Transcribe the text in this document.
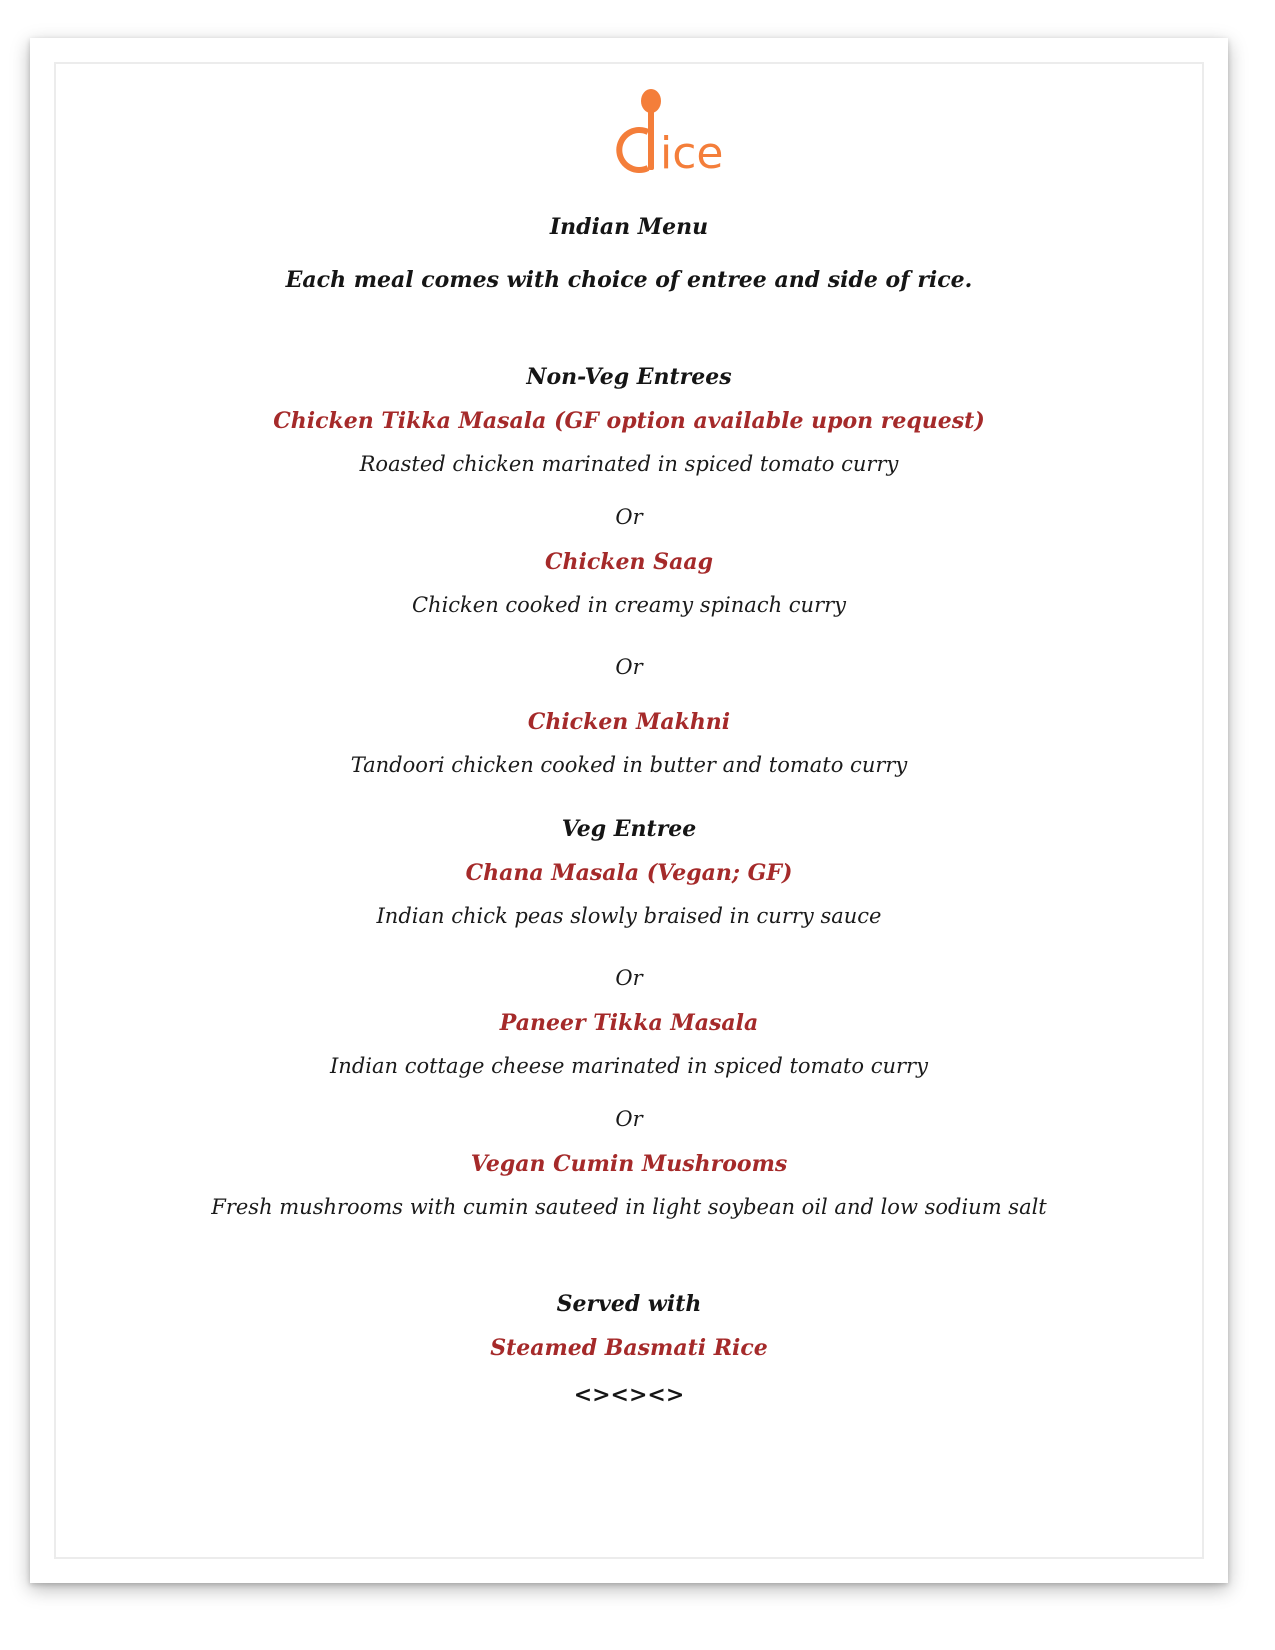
ice
Indian Menu
Each meal comes with choice of entree and side of rice.
Non-Veg Entrees
Chicken Tikka Masala (GF option available upon request)
Roasted chicken marinated in spiced tomato curry
Or
Chicken Saag
Chicken cooked in creamy spinach curry
Or
Chicken Makhni
Tandoori chicken cooked in butter and tomato curry
Veg Entree
Chana Masala (Vegan; GF)
Indian chick peas slowly braised in curry sauce
Or
Paneer Tikka Masala
Indian cottage cheese marinated in spiced tomato curry
Or
Vegan Cumin Mushrooms
Fresh mushrooms with cumin sauteed in light soybean oil and low sodium salt
Served with
Steamed Basmati Rice
<><><>
